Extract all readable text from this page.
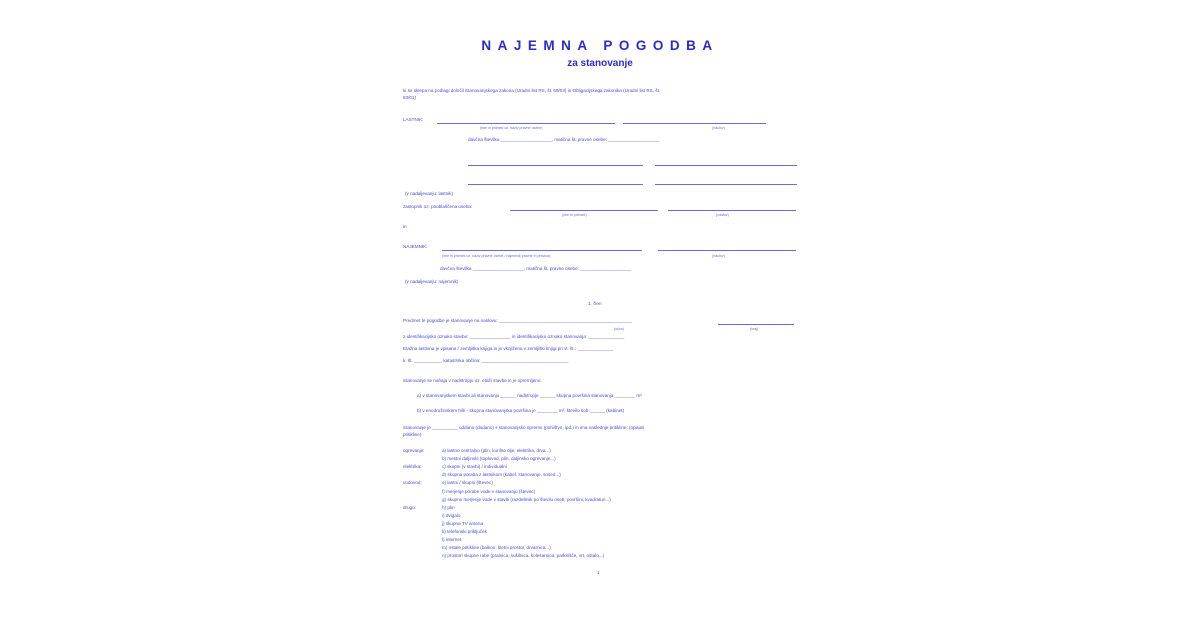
NAJEMNA POGODBA
za stanovanje
ki se sklepa na podlagi določil Stanovanjskega zakona (Uradni list RS, št. 69/03) in Obligacijskega zakonika (Uradni list RS, št.
83/01)
LASTNIK:
(ime in priimek oz. naziv pravne osebe)	(naslov)
davčna številka ____________________, matična št. pravne osebe: ____________________
(v nadaljevanju: lastnik)
zastopnik oz. pooblaščena oseba:
(ime in priimek)	(naslov)
in
NAJEMNIK:
(ime in priimek oz. naziv pravne osebe / najemnik pravne in pravica)	(naslov)
davčna številka ____________________, matična št. pravne osebe: ____________________
(v nadaljevanju: najemnik)
1. člen
Predmet te pogodbe je stanovanje na naslovu: ____________________________________________________
(ulica)	(kraj)
z identifikacijsko oznako stavbe: ________________ in identifikacijsko oznako stanovanja: ______________
Etažna lastnina je vpisana / zemljiška knjiga in je vknjižena v zemljiški knjigi pri vl. št.: ______________
k. št. ___________ katastrska občina: __________________________________
Stanovanje se nahaja v nadstropju oz. etaži stavbe in je opremljeno:
a) v stanovanjskem stavbi ali stanovanju ______ nadstropje ______ skupna površina stanovanja ________ m²
b) v enodružinskem hiši - skupna stanovanjska površina je ________ m², število sob ______ (kabinet)
Stanovanje je __________ oddano (dodano) s stanovanjsko opremo (pohištvo, ipd.) in ima naslednje pritikline: (opisati
pritikline)
ogrevanje:	a) lastno centralno (plin, kurilno olje, elektrika, drva...)
b) mestni daljinski (toplovod, plin, daljinsko ogrevanje...)
elektrika:	c) skupni (v stavbi) / individualni
d) skupna poraba z lastnikom (kabel, stanovanje, sosed...)
vodovod:	e) lastni / skupni (števec)
f) merjenje porabe vode v stanovanju (števec)
g) skupno merjenje vode v stavbi (razdelilnik po številu oseb, površini, kvadraturi...)
drugo:	h) plin
i) dvigalo
j) skupna TV antena
k) telefonski priključek
l) internet
m) ostale pritikline (balkon, kletni prostor, drvarnica...)
n) prostori skupne rabe (pralnica, sušilnica, kolesarnica, parkirišče, vrt, ostalo...)
1
